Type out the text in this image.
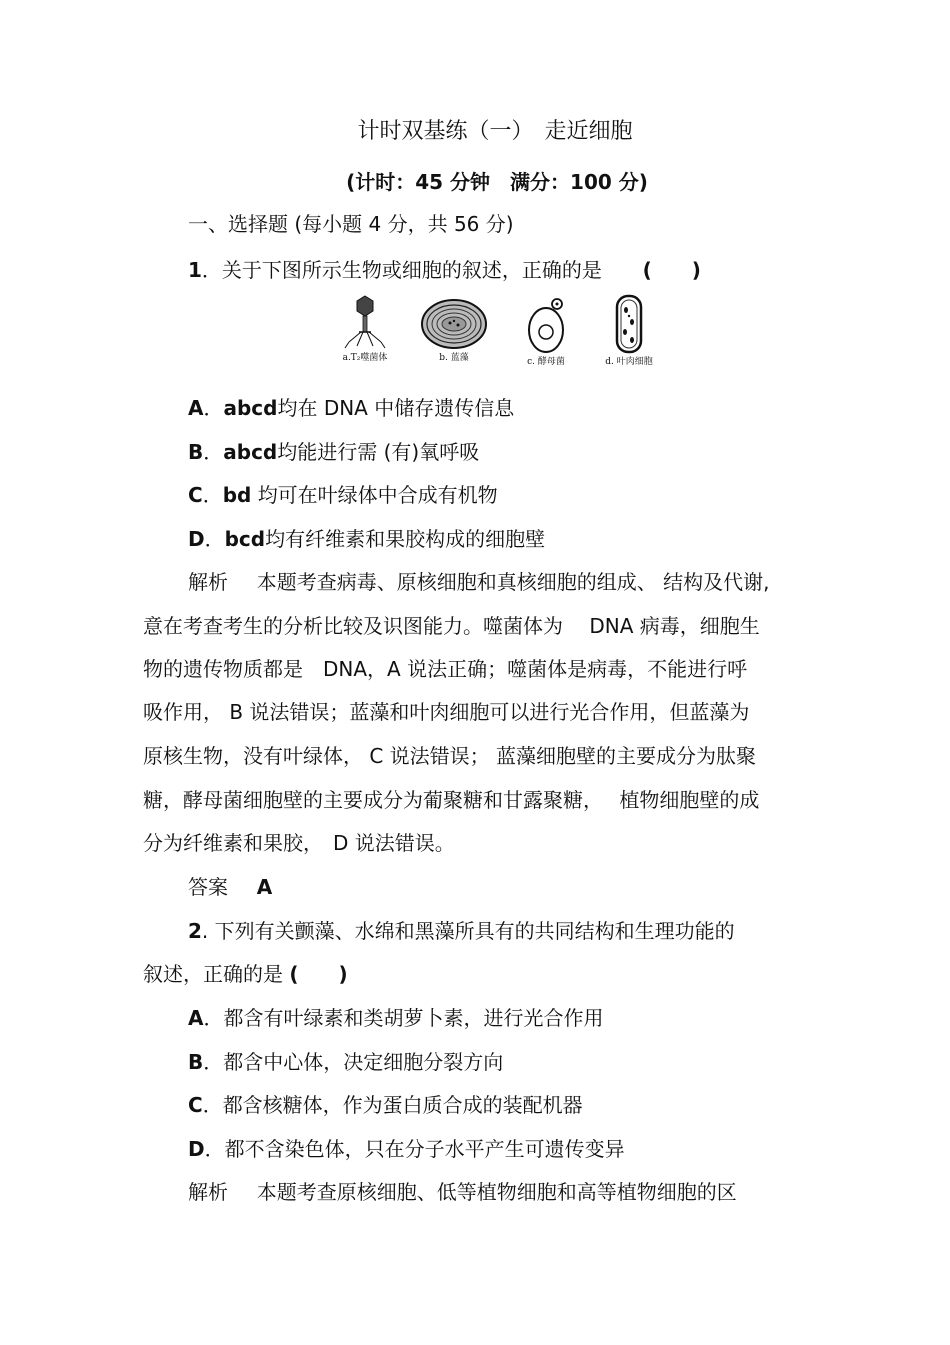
计时双基练（一）　走近细胞
(计时：45 分钟　满分：100 分)
一、选择题 (每小题 4 分，共 56 分)
1．关于下图所示生物或细胞的叙述，正确的是 (　　)
a.T₂噬菌体	b. 蓝藻	c. 酵母菌	d. 叶肉细胞
A．abcd均在 DNA 中储存遗传信息
B．abcd均能进行需 (有)氧呼吸
C．bd 均可在叶绿体中合成有机物
D．bcd均有纤维素和果胶构成的细胞壁
解析 本题考查病毒、原核细胞和真核细胞的组成、 结构及代谢,
意在考查考生的分析比较及识图能力。噬菌体为　 DNA 病毒，细胞生
物的遗传物质都是　DNA，A 说法正确；噬菌体是病毒，不能进行呼
吸作用， B 说法错误；蓝藻和叶肉细胞可以进行光合作用，但蓝藻为
原核生物，没有叶绿体， C 说法错误； 蓝藻细胞壁的主要成分为肽聚
糖，酵母菌细胞壁的主要成分为葡聚糖和甘露聚糖，　 植物细胞壁的成
分为纤维素和果胶，　D 说法错误。
答案 A
2. 下列有关颤藻、水绵和黑藻所具有的共同结构和生理功能的
叙述，正确的是 (　　)
A．都含有叶绿素和类胡萝卜素，进行光合作用
B．都含中心体，决定细胞分裂方向
C．都含核糖体，作为蛋白质合成的装配机器
D．都不含染色体，只在分子水平产生可遗传变异
解析 本题考查原核细胞、低等植物细胞和高等植物细胞的区
